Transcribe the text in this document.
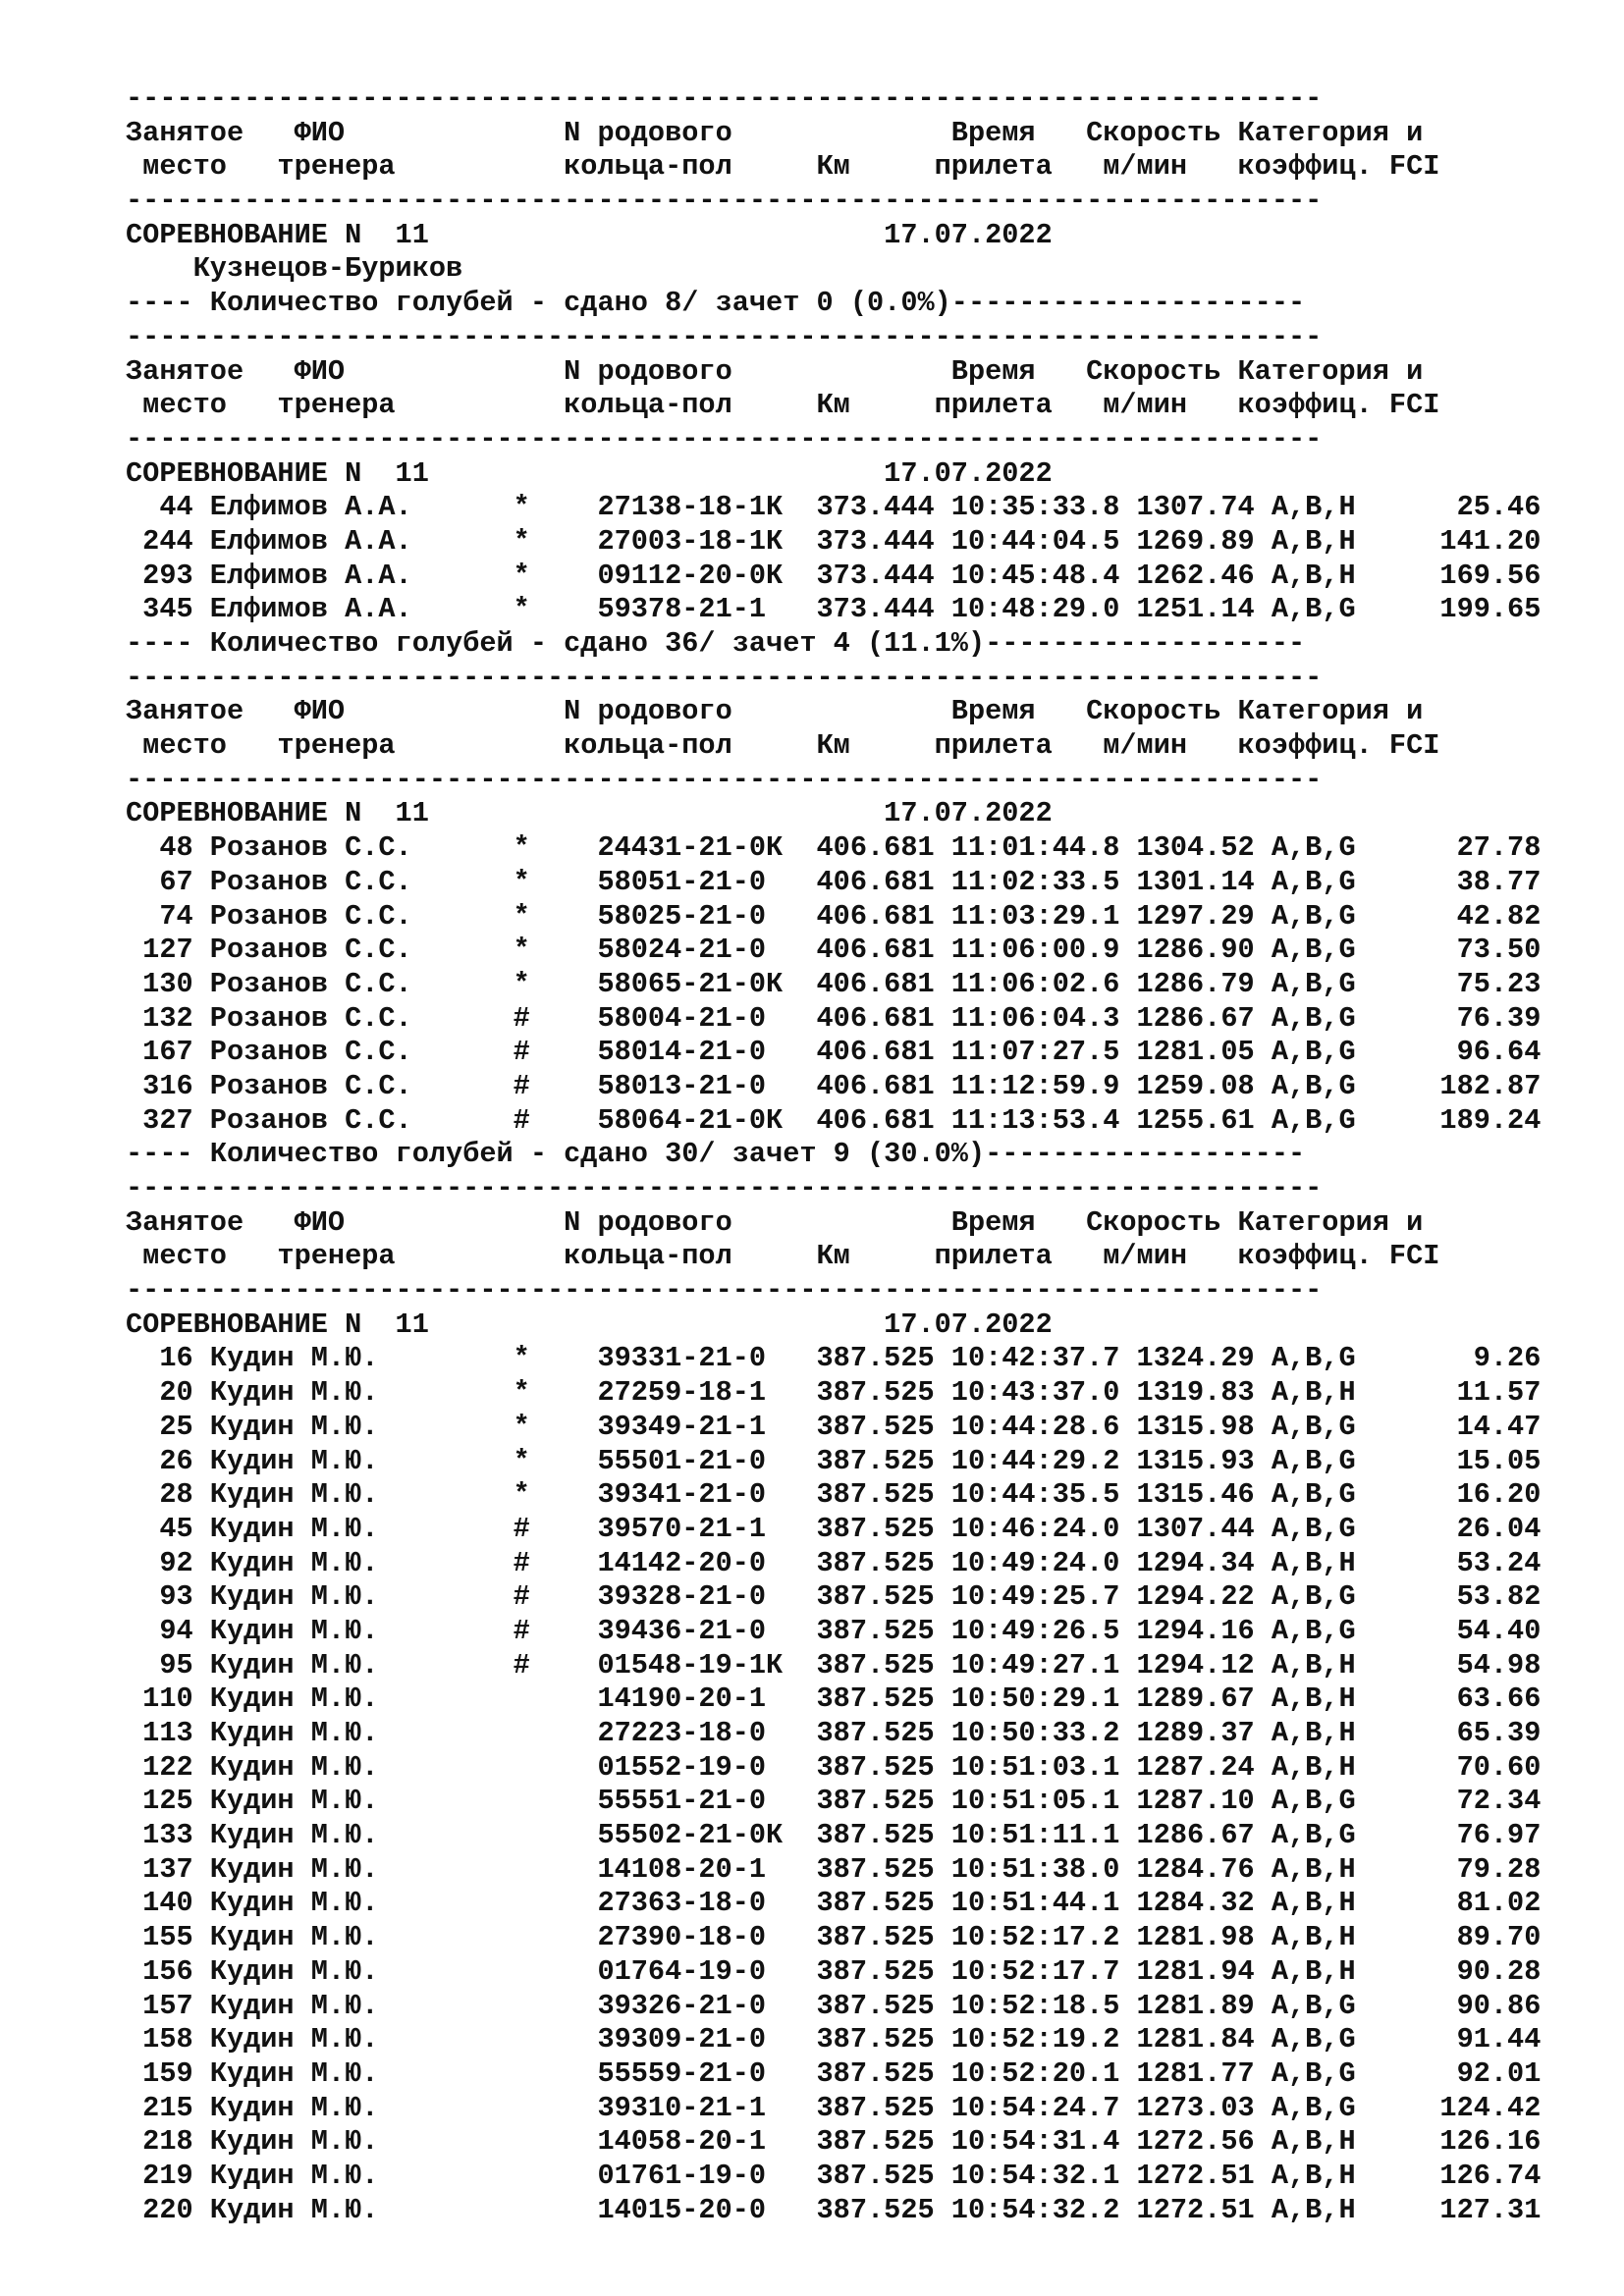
-----------------------------------------------------------------------
Занятое   ФИО             N родового             Время   Скорость Категория и
место   тренера          кольца-пол     Км     прилета   м/мин   коэффиц. FCI
-----------------------------------------------------------------------
СОРЕВНОВАНИЕ N  11                           17.07.2022
Кузнецов-Буриков
---- Количество голубей - сдано 8/ зачет 0 (0.0%)---------------------
-----------------------------------------------------------------------
Занятое   ФИО             N родового             Время   Скорость Категория и
место   тренера          кольца-пол     Км     прилета   м/мин   коэффиц. FCI
-----------------------------------------------------------------------
СОРЕВНОВАНИЕ N  11                           17.07.2022
44 Елфимов А.А.      *    27138-18-1К  373.444 10:35:33.8 1307.74 A,B,H      25.46
244 Елфимов А.А.      *    27003-18-1К  373.444 10:44:04.5 1269.89 A,B,H     141.20
293 Елфимов А.А.      *    09112-20-0К  373.444 10:45:48.4 1262.46 A,B,H     169.56
345 Елфимов А.А.      *    59378-21-1   373.444 10:48:29.0 1251.14 A,B,G     199.65
---- Количество голубей - сдано 36/ зачет 4 (11.1%)-------------------
-----------------------------------------------------------------------
Занятое   ФИО             N родового             Время   Скорость Категория и
место   тренера          кольца-пол     Км     прилета   м/мин   коэффиц. FCI
-----------------------------------------------------------------------
СОРЕВНОВАНИЕ N  11                           17.07.2022
48 Розанов С.С.      *    24431-21-0К  406.681 11:01:44.8 1304.52 A,B,G      27.78
67 Розанов С.С.      *    58051-21-0   406.681 11:02:33.5 1301.14 A,B,G      38.77
74 Розанов С.С.      *    58025-21-0   406.681 11:03:29.1 1297.29 A,B,G      42.82
127 Розанов С.С.      *    58024-21-0   406.681 11:06:00.9 1286.90 A,B,G      73.50
130 Розанов С.С.      *    58065-21-0К  406.681 11:06:02.6 1286.79 A,B,G      75.23
132 Розанов С.С.      #    58004-21-0   406.681 11:06:04.3 1286.67 A,B,G      76.39
167 Розанов С.С.      #    58014-21-0   406.681 11:07:27.5 1281.05 A,B,G      96.64
316 Розанов С.С.      #    58013-21-0   406.681 11:12:59.9 1259.08 A,B,G     182.87
327 Розанов С.С.      #    58064-21-0К  406.681 11:13:53.4 1255.61 A,B,G     189.24
---- Количество голубей - сдано 30/ зачет 9 (30.0%)-------------------
-----------------------------------------------------------------------
Занятое   ФИО             N родового             Время   Скорость Категория и
место   тренера          кольца-пол     Км     прилета   м/мин   коэффиц. FCI
-----------------------------------------------------------------------
СОРЕВНОВАНИЕ N  11                           17.07.2022
16 Кудин М.Ю.        *    39331-21-0   387.525 10:42:37.7 1324.29 A,B,G       9.26
20 Кудин М.Ю.        *    27259-18-1   387.525 10:43:37.0 1319.83 A,B,H      11.57
25 Кудин М.Ю.        *    39349-21-1   387.525 10:44:28.6 1315.98 A,B,G      14.47
26 Кудин М.Ю.        *    55501-21-0   387.525 10:44:29.2 1315.93 A,B,G      15.05
28 Кудин М.Ю.        *    39341-21-0   387.525 10:44:35.5 1315.46 A,B,G      16.20
45 Кудин М.Ю.        #    39570-21-1   387.525 10:46:24.0 1307.44 A,B,G      26.04
92 Кудин М.Ю.        #    14142-20-0   387.525 10:49:24.0 1294.34 A,B,H      53.24
93 Кудин М.Ю.        #    39328-21-0   387.525 10:49:25.7 1294.22 A,B,G      53.82
94 Кудин М.Ю.        #    39436-21-0   387.525 10:49:26.5 1294.16 A,B,G      54.40
95 Кудин М.Ю.        #    01548-19-1К  387.525 10:49:27.1 1294.12 A,B,H      54.98
110 Кудин М.Ю.             14190-20-1   387.525 10:50:29.1 1289.67 A,B,H      63.66
113 Кудин М.Ю.             27223-18-0   387.525 10:50:33.2 1289.37 A,B,H      65.39
122 Кудин М.Ю.             01552-19-0   387.525 10:51:03.1 1287.24 A,B,H      70.60
125 Кудин М.Ю.             55551-21-0   387.525 10:51:05.1 1287.10 A,B,G      72.34
133 Кудин М.Ю.             55502-21-0К  387.525 10:51:11.1 1286.67 A,B,G      76.97
137 Кудин М.Ю.             14108-20-1   387.525 10:51:38.0 1284.76 A,B,H      79.28
140 Кудин М.Ю.             27363-18-0   387.525 10:51:44.1 1284.32 A,B,H      81.02
155 Кудин М.Ю.             27390-18-0   387.525 10:52:17.2 1281.98 A,B,H      89.70
156 Кудин М.Ю.             01764-19-0   387.525 10:52:17.7 1281.94 A,B,H      90.28
157 Кудин М.Ю.             39326-21-0   387.525 10:52:18.5 1281.89 A,B,G      90.86
158 Кудин М.Ю.             39309-21-0   387.525 10:52:19.2 1281.84 A,B,G      91.44
159 Кудин М.Ю.             55559-21-0   387.525 10:52:20.1 1281.77 A,B,G      92.01
215 Кудин М.Ю.             39310-21-1   387.525 10:54:24.7 1273.03 A,B,G     124.42
218 Кудин М.Ю.             14058-20-1   387.525 10:54:31.4 1272.56 A,B,H     126.16
219 Кудин М.Ю.             01761-19-0   387.525 10:54:32.1 1272.51 A,B,H     126.74
220 Кудин М.Ю.             14015-20-0   387.525 10:54:32.2 1272.51 A,B,H     127.31
